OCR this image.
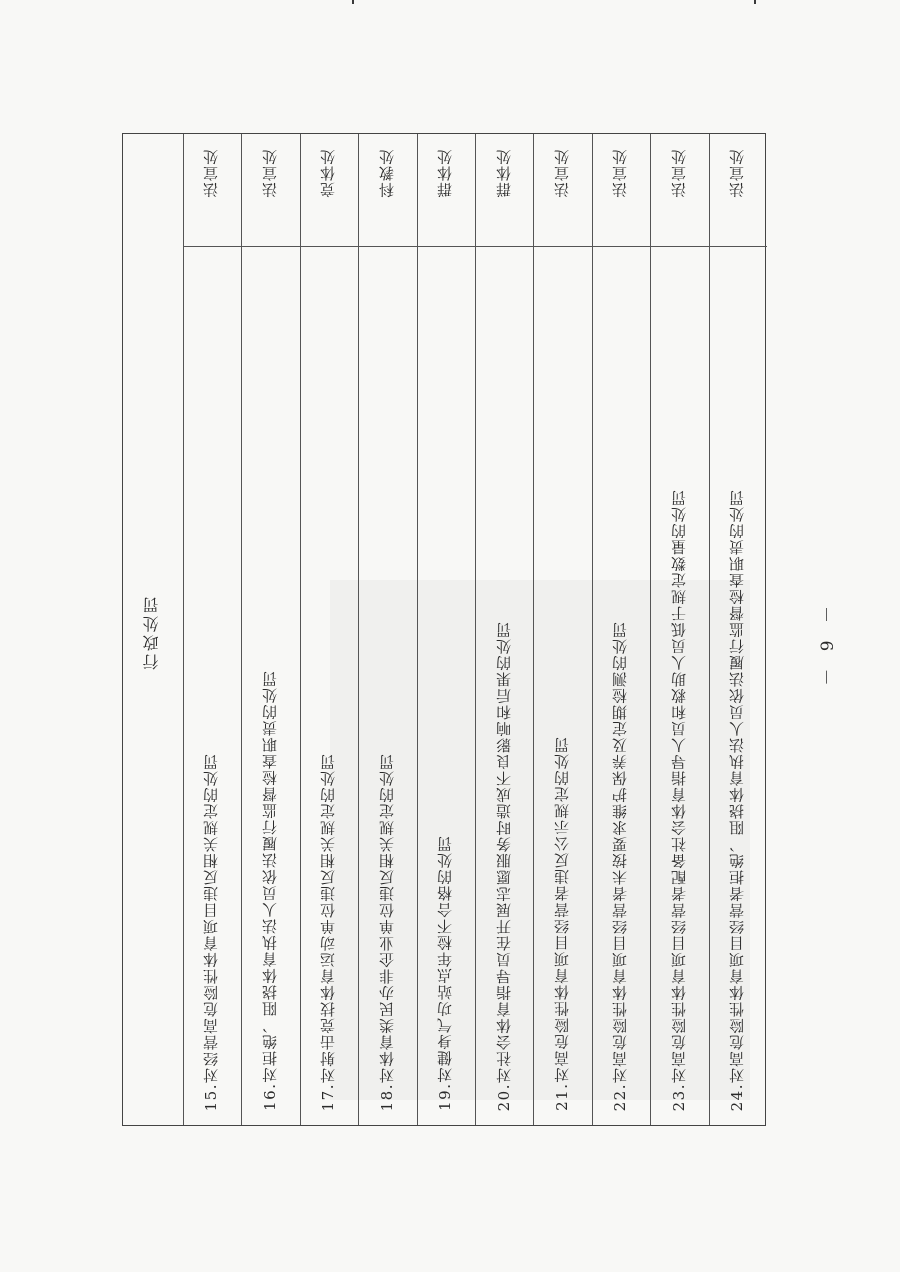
行政处罚
法宣处
15.对经营高危险性体育项目违反相关规定的处罚
法宣处
16.对拒绝、阻挠体育执法人员依法履行监督检查职责的处罚
竞体处
17.对射击竞技体育运动单位违反相关规定的处罚
科教处
18.对体育类民办非企业单位违反相关规定的处罚
群体处
19.对健身气功站点年检不合格的处罚
群体处
20.对社会体育指导员在开展志愿服务时造成不良影响和后果的处罚
法宣处
21.对高危险性体育项目经营者违反公示规定的处罚
法宣处
22.对高危险性体育项目经营者未按要求维护保养及定期检测的处罚
法宣处
23.对高危险性体育项目经营者配备社会体育指导人员和救助人员低于规定数量的处罚
法宣处
24.对高危险性体育项目经营者拒绝、阻挠体育执法人员依法履行监督检查职责的处罚	－ 9 －
